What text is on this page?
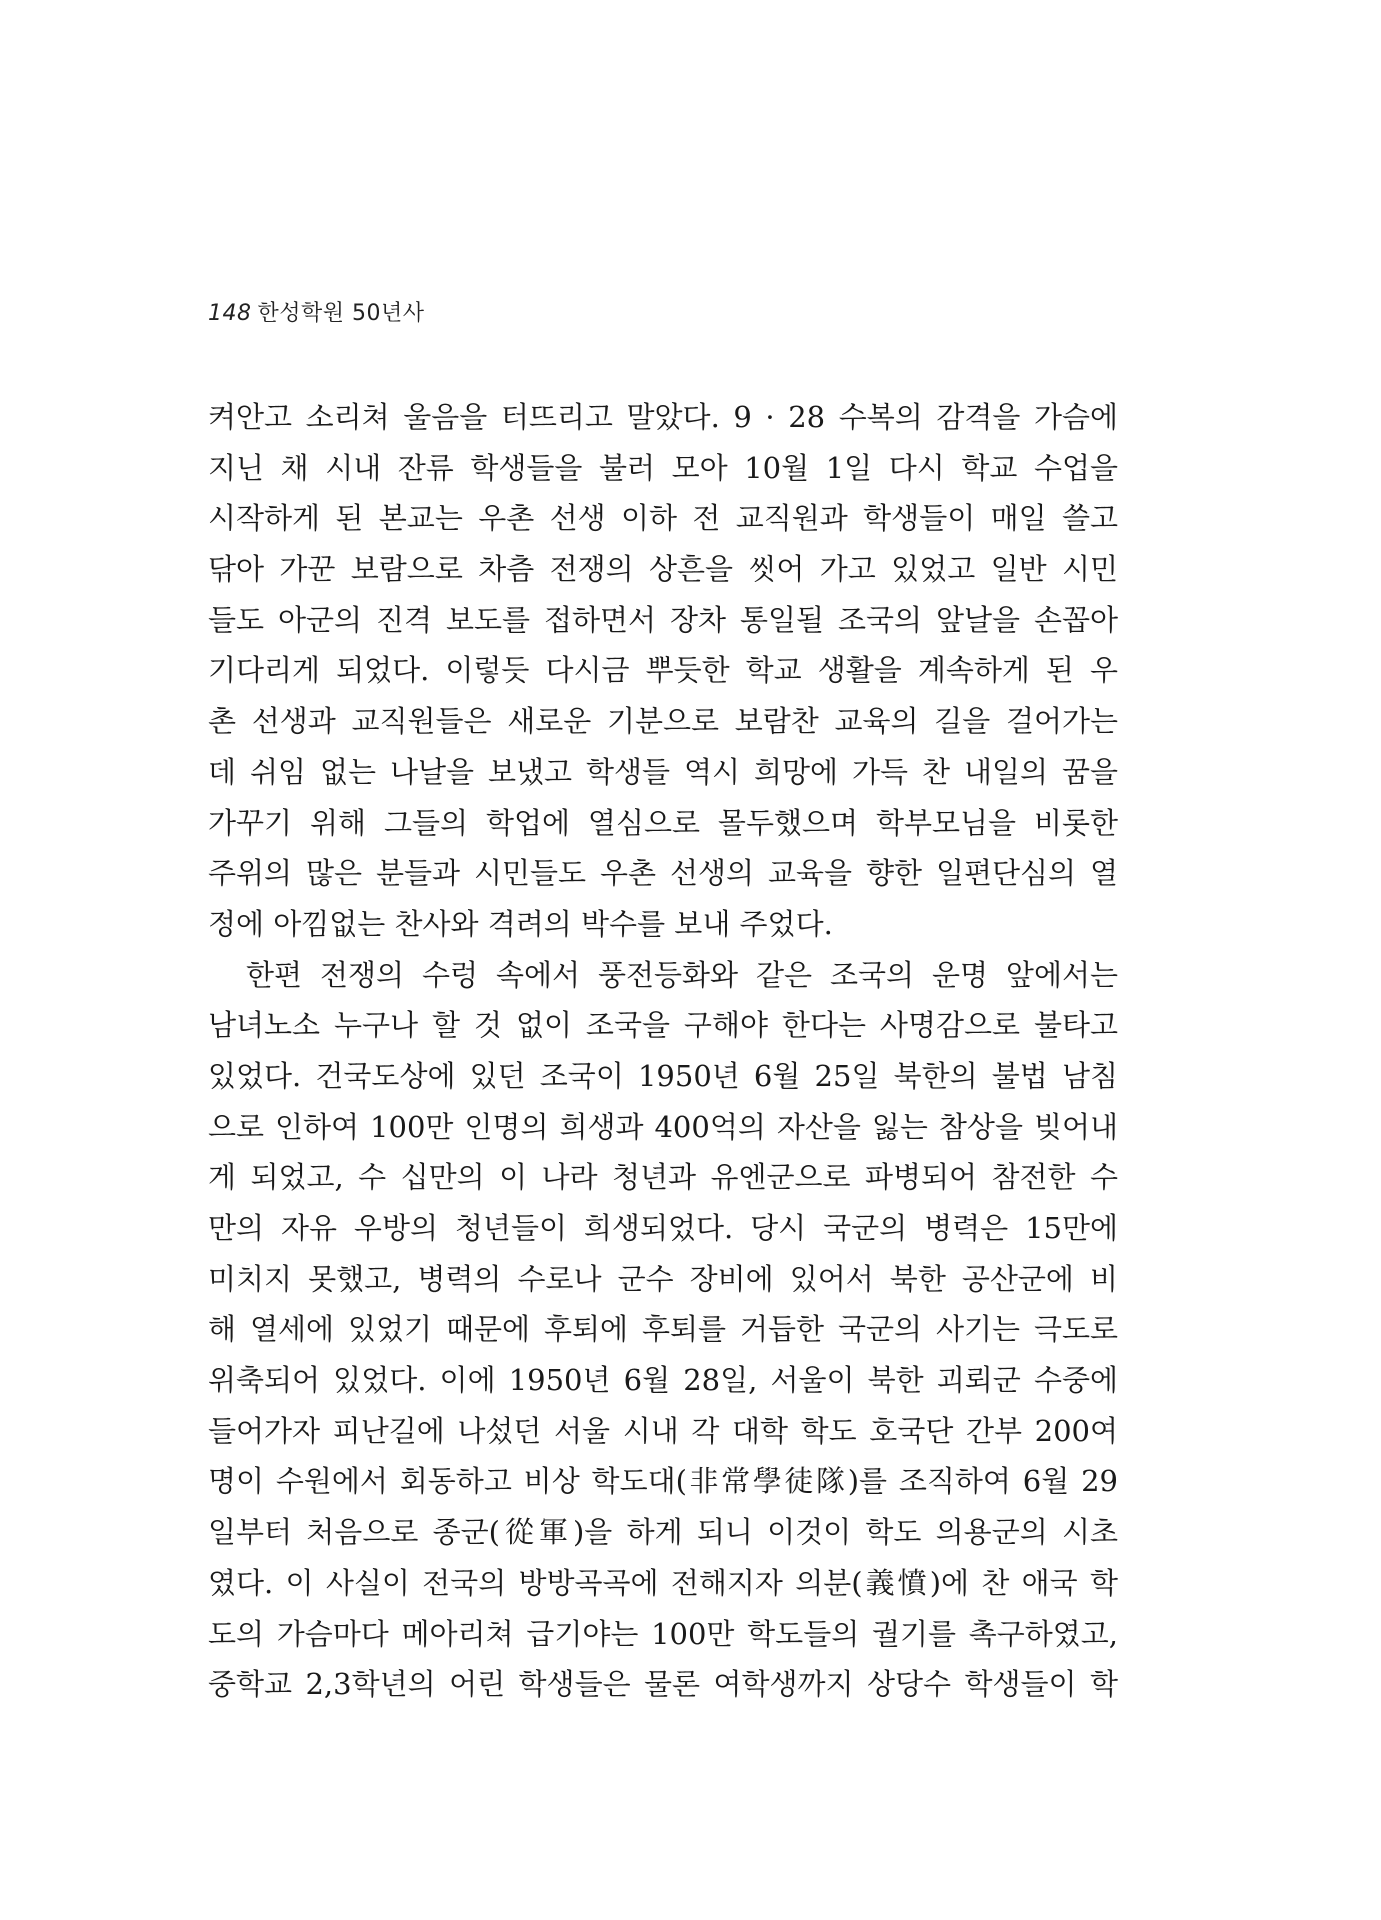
148 한성학원 50년사
켜안고 소리쳐 울음을 터뜨리고 말았다. 9 · 28 수복의 감격을 가슴에
지닌 채 시내 잔류 학생들을 불러 모아 10월 1일 다시 학교 수업을
시작하게 된 본교는 우촌 선생 이하 전 교직원과 학생들이 매일 쓸고
닦아 가꾼 보람으로 차츰 전쟁의 상흔을 씻어 가고 있었고 일반 시민
들도 아군의 진격 보도를 접하면서 장차 통일될 조국의 앞날을 손꼽아
기다리게 되었다. 이렇듯 다시금 뿌듯한 학교 생활을 계속하게 된 우
촌 선생과 교직원들은 새로운 기분으로 보람찬 교육의 길을 걸어가는
데 쉬임 없는 나날을 보냈고 학생들 역시 희망에 가득 찬 내일의 꿈을
가꾸기 위해 그들의 학업에 열심으로 몰두했으며 학부모님을 비롯한
주위의 많은 분들과 시민들도 우촌 선생의 교육을 향한 일편단심의 열
정에 아낌없는 찬사와 격려의 박수를 보내 주었다.
한편 전쟁의 수렁 속에서 풍전등화와 같은 조국의 운명 앞에서는
남녀노소 누구나 할 것 없이 조국을 구해야 한다는 사명감으로 불타고
있었다. 건국도상에 있던 조국이 1950년 6월 25일 북한의 불법 남침
으로 인하여 100만 인명의 희생과 400억의 자산을 잃는 참상을 빚어내
게 되었고, 수 십만의 이 나라 청년과 유엔군으로 파병되어 참전한 수
만의 자유 우방의 청년들이 희생되었다. 당시 국군의 병력은 15만에
미치지 못했고, 병력의 수로나 군수 장비에 있어서 북한 공산군에 비
해 열세에 있었기 때문에 후퇴에 후퇴를 거듭한 국군의 사기는 극도로
위축되어 있었다. 이에 1950년 6월 28일, 서울이 북한 괴뢰군 수중에
들어가자 피난길에 나섰던 서울 시내 각 대학 학도 호국단 간부 200여
명이 수원에서 회동하고 비상 학도대(非常學徒隊)를 조직하여 6월 29
일부터 처음으로 종군(從軍)을 하게 되니 이것이 학도 의용군의 시초
였다. 이 사실이 전국의 방방곡곡에 전해지자 의분(義憤)에 찬 애국 학
도의 가슴마다 메아리쳐 급기야는 100만 학도들의 궐기를 촉구하였고,
중학교 2,3학년의 어린 학생들은 물론 여학생까지 상당수 학생들이 학
